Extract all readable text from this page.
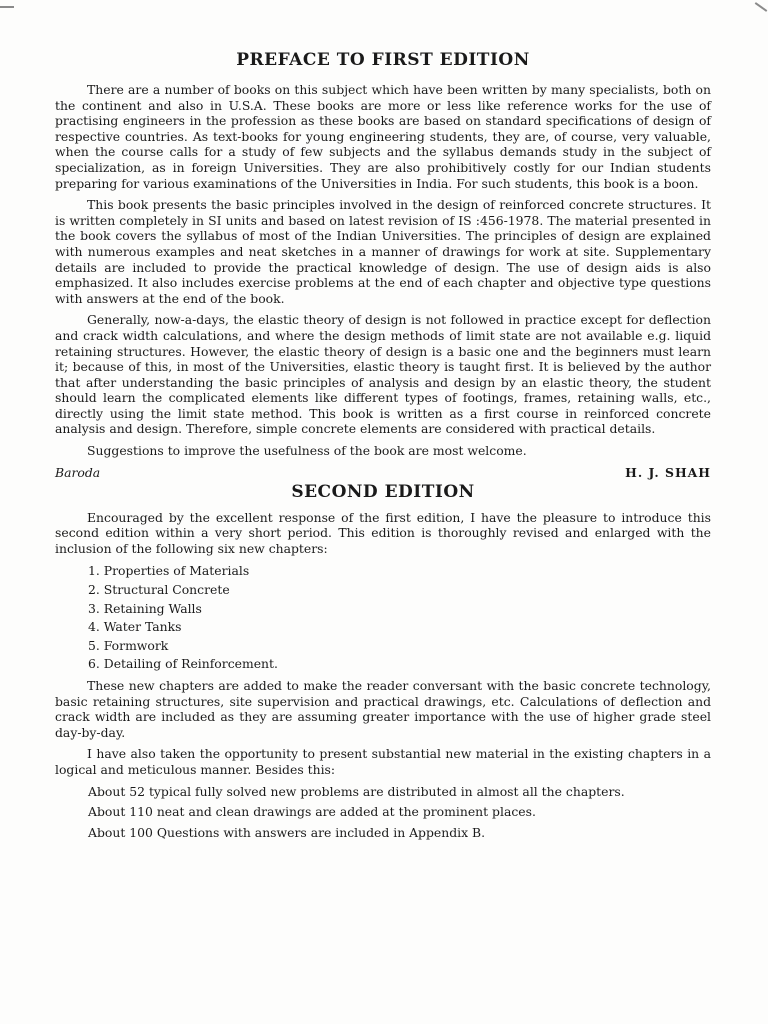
PREFACE TO FIRST EDITION

There are a number of books on this subject which have been written by many specialists, both on the continent and also in U.S.A. These books are more or less like reference works for the use of practising engineers in the profession as these books are based on standard specifications of design of respective countries. As text-books for young engineering students, they are, of course, very valuable, when the course calls for a study of few subjects and the syllabus demands study in the subject of specialization, as in foreign Universities. They are also prohibitively costly for our Indian students preparing for various examinations of the Universities in India. For such students, this book is a boon.

This book presents the basic principles involved in the design of reinforced concrete structures. It is written completely in SI units and based on latest revision of IS :456-1978. The material presented in the book covers the syllabus of most of the Indian Universities. The principles of design are explained with numerous examples and neat sketches in a manner of drawings for work at site. Supplementary details are included to provide the practical knowledge of design. The use of design aids is also emphasized. It also includes exercise problems at the end of each chapter and objective type questions with answers at the end of the book.

Generally, now-a-days, the elastic theory of design is not followed in practice except for deflection and crack width calculations, and where the design methods of limit state are not available e.g. liquid retaining structures. However, the elastic theory of design is a basic one and the beginners must learn it; because of this, in most of the Universities, elastic theory is taught first. It is believed by the author that after understanding the basic principles of analysis and design by an elastic theory, the student should learn the complicated elements like different types of footings, frames, retaining walls, etc., directly using the limit state method. This book is written as a first course in reinforced concrete analysis and design. Therefore, simple concrete elements are considered with practical details.

Suggestions to improve the usefulness of the book are most welcome.

Baroda	H. J. SHAH
SECOND EDITION

Encouraged by the excellent response of the first edition, I have the pleasure to introduce this second edition within a very short period. This edition is thoroughly revised and enlarged with the inclusion of the following six new chapters:

1. Properties of Materials
2. Structural Concrete
3. Retaining Walls
4. Water Tanks
5. Formwork
6. Detailing of Reinforcement.

These new chapters are added to make the reader conversant with the basic concrete technology, basic retaining structures, site supervision and practical drawings, etc. Calculations of deflection and crack width are included as they are assuming greater importance with the use of higher grade steel day-by-day.

I have also taken the opportunity to present substantial new material in the existing chapters in a logical and meticulous manner. Besides this:

About 52 typical fully solved new problems are distributed in almost all the chapters.
About 110 neat and clean drawings are added at the prominent places.
About 100 Questions with answers are included in Appendix B.
